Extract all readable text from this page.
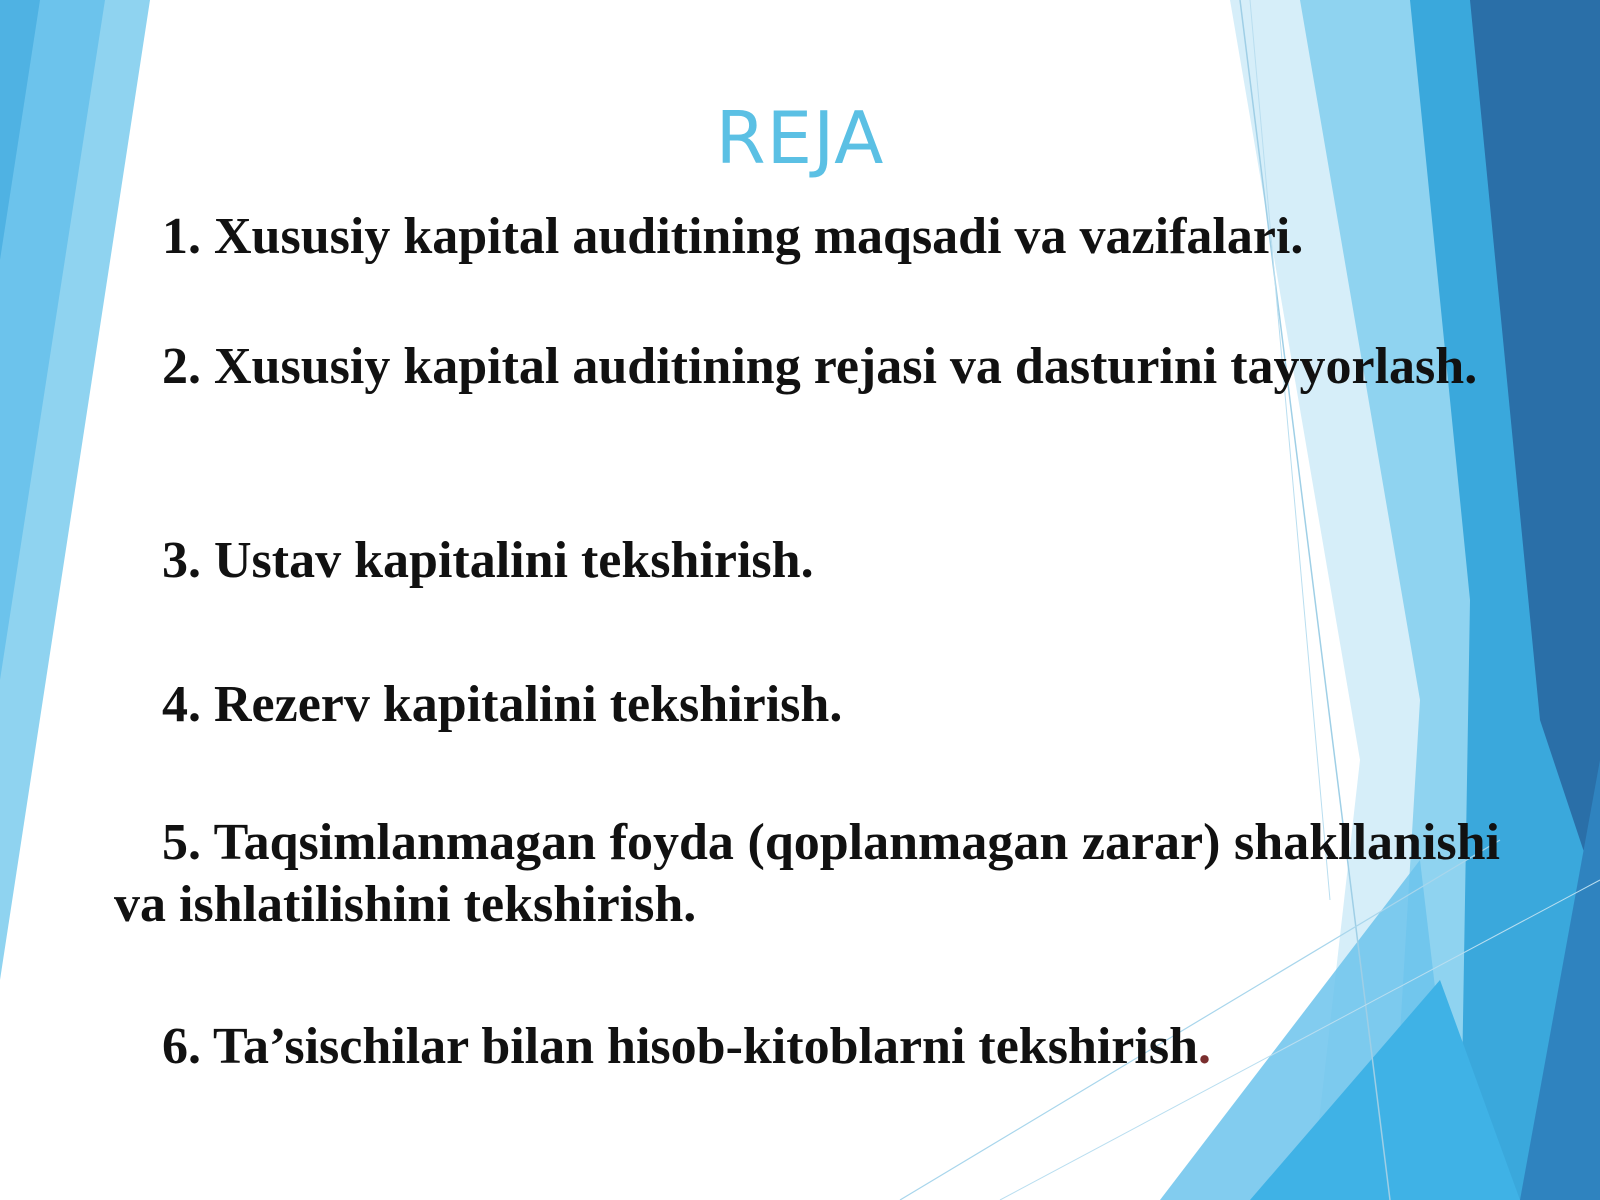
REJA
1. Xususiy kapital auditining maqsadi va vazifalari.
2. Xususiy kapital auditining rejasi va dasturini tayyorlash.
3. Ustav kapitalini tekshirish.
4. Rezerv kapitalini tekshirish.
5. Taqsimlanmagan foyda (qoplanmagan zarar) shakllanishi va ishlatilishini tekshirish.
6. Ta’sischilar bilan hisob-kitoblarni tekshirish.
